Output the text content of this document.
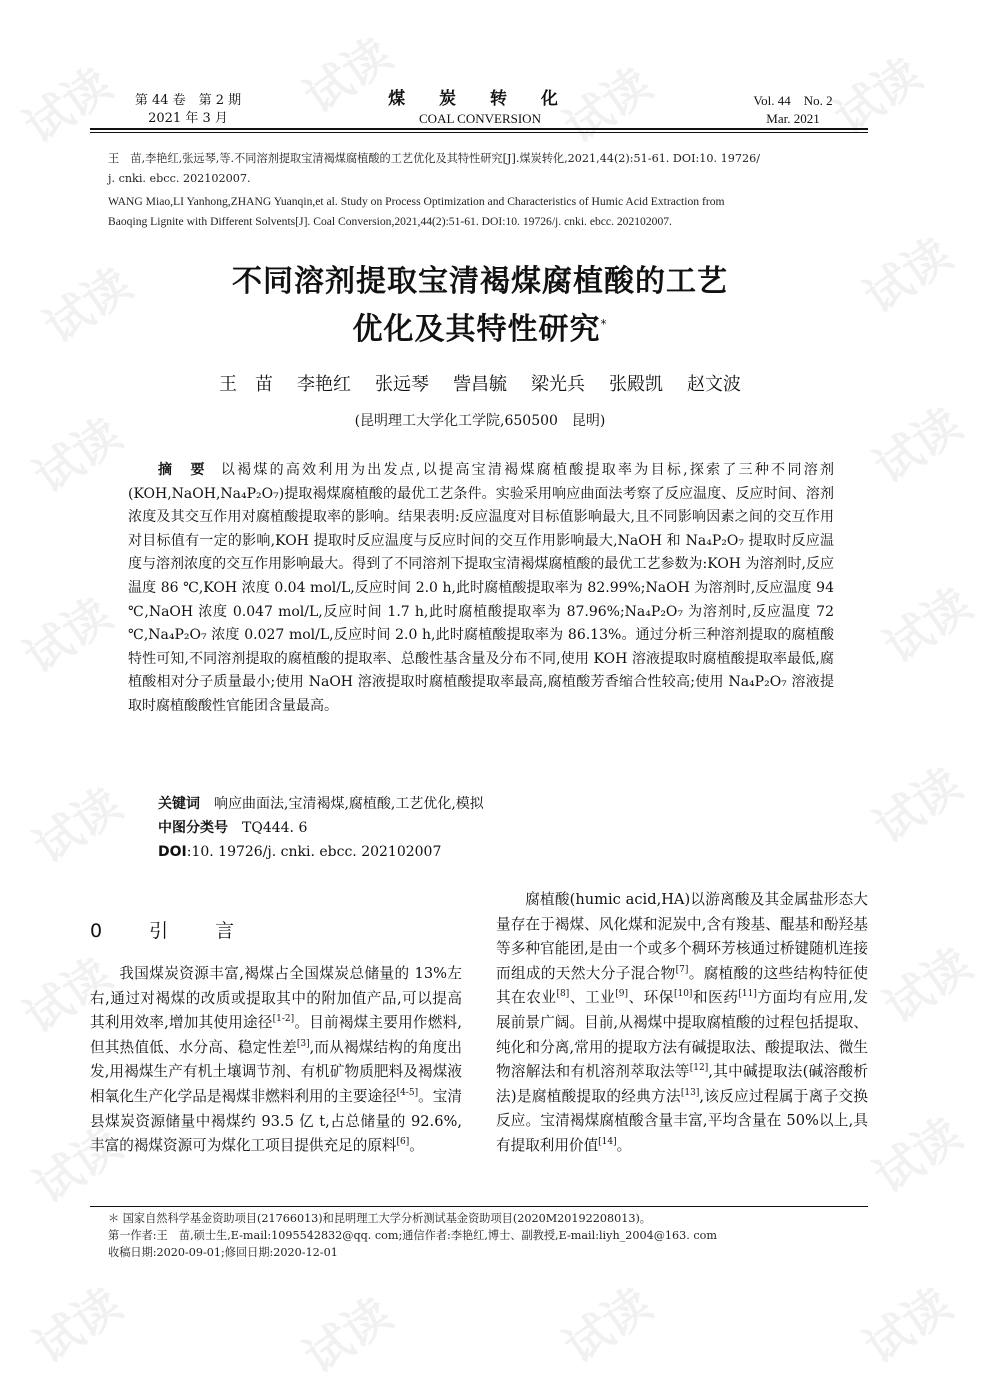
试读	试读	试读	试读
试读	试读
试读	试读
试读	试读
试读	试读
试读	试读
试读	试读
试读	试读
试读
试读
第 44 卷　第 2 期
2021 年 3 月
煤 炭 转 化
COAL CONVERSION
Vol. 44　No. 2
Mar. 2021
王　苗,李艳红,张远琴,等.不同溶剂提取宝清褐煤腐植酸的工艺优化及其特性研究[J].煤炭转化,2021,44(2):51-61. DOI:10. 19726/
j. cnki. ebcc. 202102007.
WANG Miao,LI Yanhong,ZHANG Yuanqin,et al. Study on Process Optimization and Characteristics of Humic Acid Extraction from
Baoqing Lignite with Different Solvents[J]. Coal Conversion,2021,44(2):51-61. DOI:10. 19726/j. cnki. ebcc. 202102007.
不同溶剂提取宝清褐煤腐植酸的工艺
优化及其特性研究*
王　苗 李艳红 张远琴 訾昌毓 梁光兵 张殿凯 赵文波
(昆明理工大学化工学院,650500　昆明)
摘　要 以褐煤的高效利用为出发点,以提高宝清褐煤腐植酸提取率为目标,探索了三种不同溶剂(KOH,NaOH,Na₄P₂O₇)提取褐煤腐植酸的最优工艺条件。实验采用响应曲面法考察了反应温度、反应时间、溶剂浓度及其交互作用对腐植酸提取率的影响。结果表明:反应温度对目标值影响最大,且不同影响因素之间的交互作用对目标值有一定的影响,KOH 提取时反应温度与反应时间的交互作用影响最大,NaOH 和 Na₄P₂O₇ 提取时反应温度与溶剂浓度的交互作用影响最大。得到了不同溶剂下提取宝清褐煤腐植酸的最优工艺参数为:KOH 为溶剂时,反应温度 86 ℃,KOH 浓度 0.04 mol/L,反应时间 2.0 h,此时腐植酸提取率为 82.99%;NaOH 为溶剂时,反应温度 94 ℃,NaOH 浓度 0.047 mol/L,反应时间 1.7 h,此时腐植酸提取率为 87.96%;Na₄P₂O₇ 为溶剂时,反应温度 72 ℃,Na₄P₂O₇ 浓度 0.027 mol/L,反应时间 2.0 h,此时腐植酸提取率为 86.13%。通过分析三种溶剂提取的腐植酸特性可知,不同溶剂提取的腐植酸的提取率、总酸性基含量及分布不同,使用 KOH 溶液提取时腐植酸提取率最低,腐植酸相对分子质量最小;使用 NaOH 溶液提取时腐植酸提取率最高,腐植酸芳香缩合性较高;使用 Na₄P₂O₇ 溶液提取时腐植酸酸性官能团含量最高。
关键词 响应曲面法,宝清褐煤,腐植酸,工艺优化,模拟
中图分类号 TQ444. 6
DOI:10. 19726/j. cnki. ebcc. 202102007
0　引　言

我国煤炭资源丰富,褐煤占全国煤炭总储量的 13%左右,通过对褐煤的改质或提取其中的附加值产品,可以提高其利用效率,增加其使用途径[1-2]。目前褐煤主要用作燃料,但其热值低、水分高、稳定性差[3],而从褐煤结构的角度出发,用褐煤生产有机土壤调节剂、有机矿物质肥料及褐煤液相氧化生产化学品是褐煤非燃料利用的主要途径[4-5]。宝清县煤炭资源储量中褐煤约 93.5 亿 t,占总储量的 92.6%,丰富的褐煤资源可为煤化工项目提供充足的原料[6]。

腐植酸(humic acid,HA)以游离酸及其金属盐形态大量存在于褐煤、风化煤和泥炭中,含有羧基、醌基和酚羟基等多种官能团,是由一个或多个稠环芳核通过桥键随机连接而组成的天然大分子混合物[7]。腐植酸的这些结构特征使其在农业[8]、工业[9]、环保[10]和医药[11]方面均有应用,发展前景广阔。目前,从褐煤中提取腐植酸的过程包括提取、纯化和分离,常用的提取方法有碱提取法、酸提取法、微生物溶解法和有机溶剂萃取法等[12],其中碱提取法(碱溶酸析法)是腐植酸提取的经典方法[13],该反应过程属于离子交换反应。宝清褐煤腐植酸含量丰富,平均含量在 50%以上,具有提取利用价值[14]。

＊ 国家自然科学基金资助项目(21766013)和昆明理工大学分析测试基金资助项目(2020M20192208013)。
第一作者:王　苗,硕士生,E-mail:1095542832@qq. com;通信作者:李艳红,博士、副教授,E-mail:liyh_2004@163. com
收稿日期:2020-09-01;修回日期:2020-12-01
